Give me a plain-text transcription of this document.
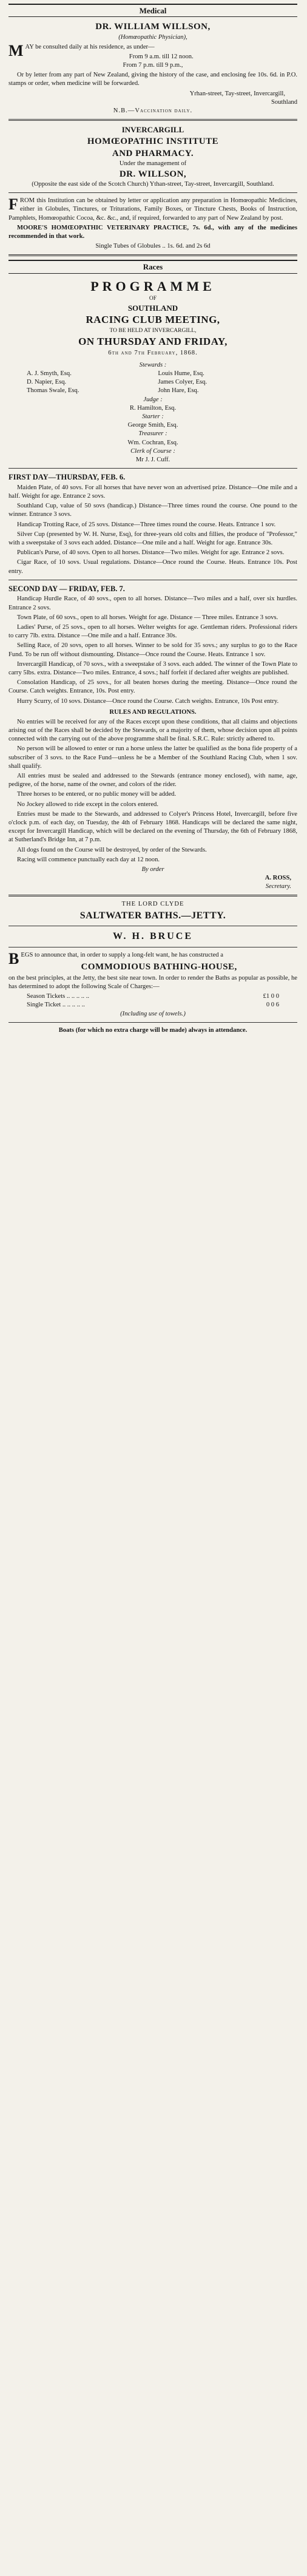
Medical
DR. WILLIAM WILLSON,
(Homœopathic Physician),
MAY be consulted daily at his residence, as under—
From 9 a.m. till 12 noon.
From 7 p.m. till 9 p.m.,
Or by letter from any part of New Zealand, giving the history of the case, and enclosing fee 10s. 6d. in P.O. stamps or order, when medicine will be forwarded.
Yrhan-street, Tay-street, Invercargill,
Southland
N.B.—Vaccination daily.
INVERCARGILL
HOMŒOPATHIC INSTITUTE
AND PHARMACY.
Under the management of
DR. WILLSON,
(Opposite the east side of the Scotch Church) Ythan-street, Tay-street, Invercargill, Southland.
FROM this Institution can be obtained by letter or application any preparation in Homœopathic Medicines, either in Globules, Tinctures, or Triturations, Family Boxes, or Tincture Chests, Books of Instruction, Pamphlets, Homœopathic Cocoa, &c. &c., and, if required, forwarded to any part of New Zealand by post.
MOORE'S HOMŒOPATHIC VETERINARY PRACTICE, 7s. 6d., with any of the medicines recommended in that work.
Single Tubes of Globules .. 1s. 6d. and 2s 6d
Races
PROGRAMME
OF
SOUTHLAND
RACING CLUB MEETING,
TO BE HELD AT INVERCARGILL,
ON THURSDAY AND FRIDAY,
6th and 7th February, 1868.
Stewards :
A. J. Smyth, Esq.
D. Napier, Esq.
Thomas Swale, Esq.
Louis Hume, Esq.
James Colyer, Esq.
John Hare, Esq.
Judge :
R. Hamilton, Esq.
Starter :
George Smith, Esq.
Treasurer :
Wm. Cochran, Esq.
Clerk of Course :
Mr J. J. Cuff.
FIRST DAY—THURSDAY, FEB. 6.
Maiden Plate, of 40 sovs. For all horses that have never won an advertised prize. Distance—One mile and a half. Weight for age. Entrance 2 sovs.
Southland Cup, value of 50 sovs (handicap.) Distance—Three times round the course. One pound to the winner. Entrance 3 sovs.
Handicap Trotting Race, of 25 sovs. Distance—Three times round the course. Heats. Entrance 1 sov.
Silver Cup (presented by W. H. Nurse, Esq), for three-years old colts and fillies, the produce of "Professor," with a sweepstake of 3 sovs each added. Distance—One mile and a half. Weight for age. Entrance 30s.
Publican's Purse, of 40 sovs. Open to all horses. Distance—Two miles. Weight for age. Entrance 2 sovs.
Cigar Race, of 10 sovs. Usual regulations. Distance—Once round the Course. Heats. Entrance 10s. Post entry.
SECOND DAY — FRIDAY, FEB. 7.
Handicap Hurdle Race, of 40 sovs., open to all horses. Distance—Two miles and a half, over six hurdles. Entrance 2 sovs.
Town Plate, of 60 sovs., open to all horses. Weight for age. Distance — Three miles. Entrance 3 sovs.
Ladies' Purse, of 25 sovs., open to all horses. Welter weights for age. Gentleman riders. Professional riders to carry 7lb. extra. Distance —One mile and a half. Entrance 30s.
Selling Race, of 20 sovs, open to all horses. Winner to be sold for 35 sovs.; any surplus to go to the Race Fund. To be run off without dismounting. Distance—Once round the Course. Heats. Entrance 1 sov.
Invercargill Handicap, of 70 sovs., with a sweepstake of 3 sovs. each added. The winner of the Town Plate to carry 5lbs. extra. Distance—Two miles. Entrance, 4 sovs.; half forfeit if declared after weights are published.
Consolation Handicap, of 25 sovs., for all beaten horses during the meeting. Distance—Once round the Course. Catch weights. Entrance, 10s. Post entry.
Hurry Scurry, of 10 sovs. Distance—Once round the Course. Catch weights. Entrance, 10s Post entry.
RULES AND REGULATIONS.
No entries will be received for any of the Races except upon these conditions, that all claims and objections arising out of the Races shall be decided by the Stewards, or a majority of them, whose decision upon all points connected with the carrying out of the above programme shall be final. S.R.C. Rule: strictly adhered to.
No person will be allowed to enter or run a horse unless the latter be qualified as the bona fide property of a subscriber of 3 sovs. to the Race Fund—unless he be a Member of the Southland Racing Club, when 1 sov. shall qualify.
All entries must be sealed and addressed to the Stewards (entrance money enclosed), with name, age, pedigree, of the horse, name of the owner, and colors of the rider.
Three horses to be entered, or no public money will be added.
No Jockey allowed to ride except in the colors entered.
Entries must be made to the Stewards, and addressed to Colyer's Princess Hotel, Invercargill, before five o'clock p.m. of each day, on Tuesday, the 4th of February 1868. Handicaps will be declared the same night, except for Invercargill Handicap, which will be declared on the evening of Thursday, the 6th of February 1868, at Sutherland's Bridge Inn, at 7 p.m.
All dogs found on the Course will be destroyed, by order of the Stewards.
Racing will commence punctually each day at 12 noon.
By order
A. ROSS,
Secretary.
THE LORD CLYDE
SALTWATER BATHS.—JETTY.
W. H. BRUCE
BEGS to announce that, in order to supply a long-felt want, he has constructed a
COMMODIOUS BATHING-HOUSE,
on the best principles, at the Jetty, the best site near town. In order to render the Baths as popular as possible, he has determined to adopt the following Scale of Charges:—
Season Tickets .. .. .. .. ..	£1 0 0
Single Ticket .. .. .. .. ..	0 0 6
(Including use of towels.)
Boats (for which no extra charge will be made) always in attendance.
